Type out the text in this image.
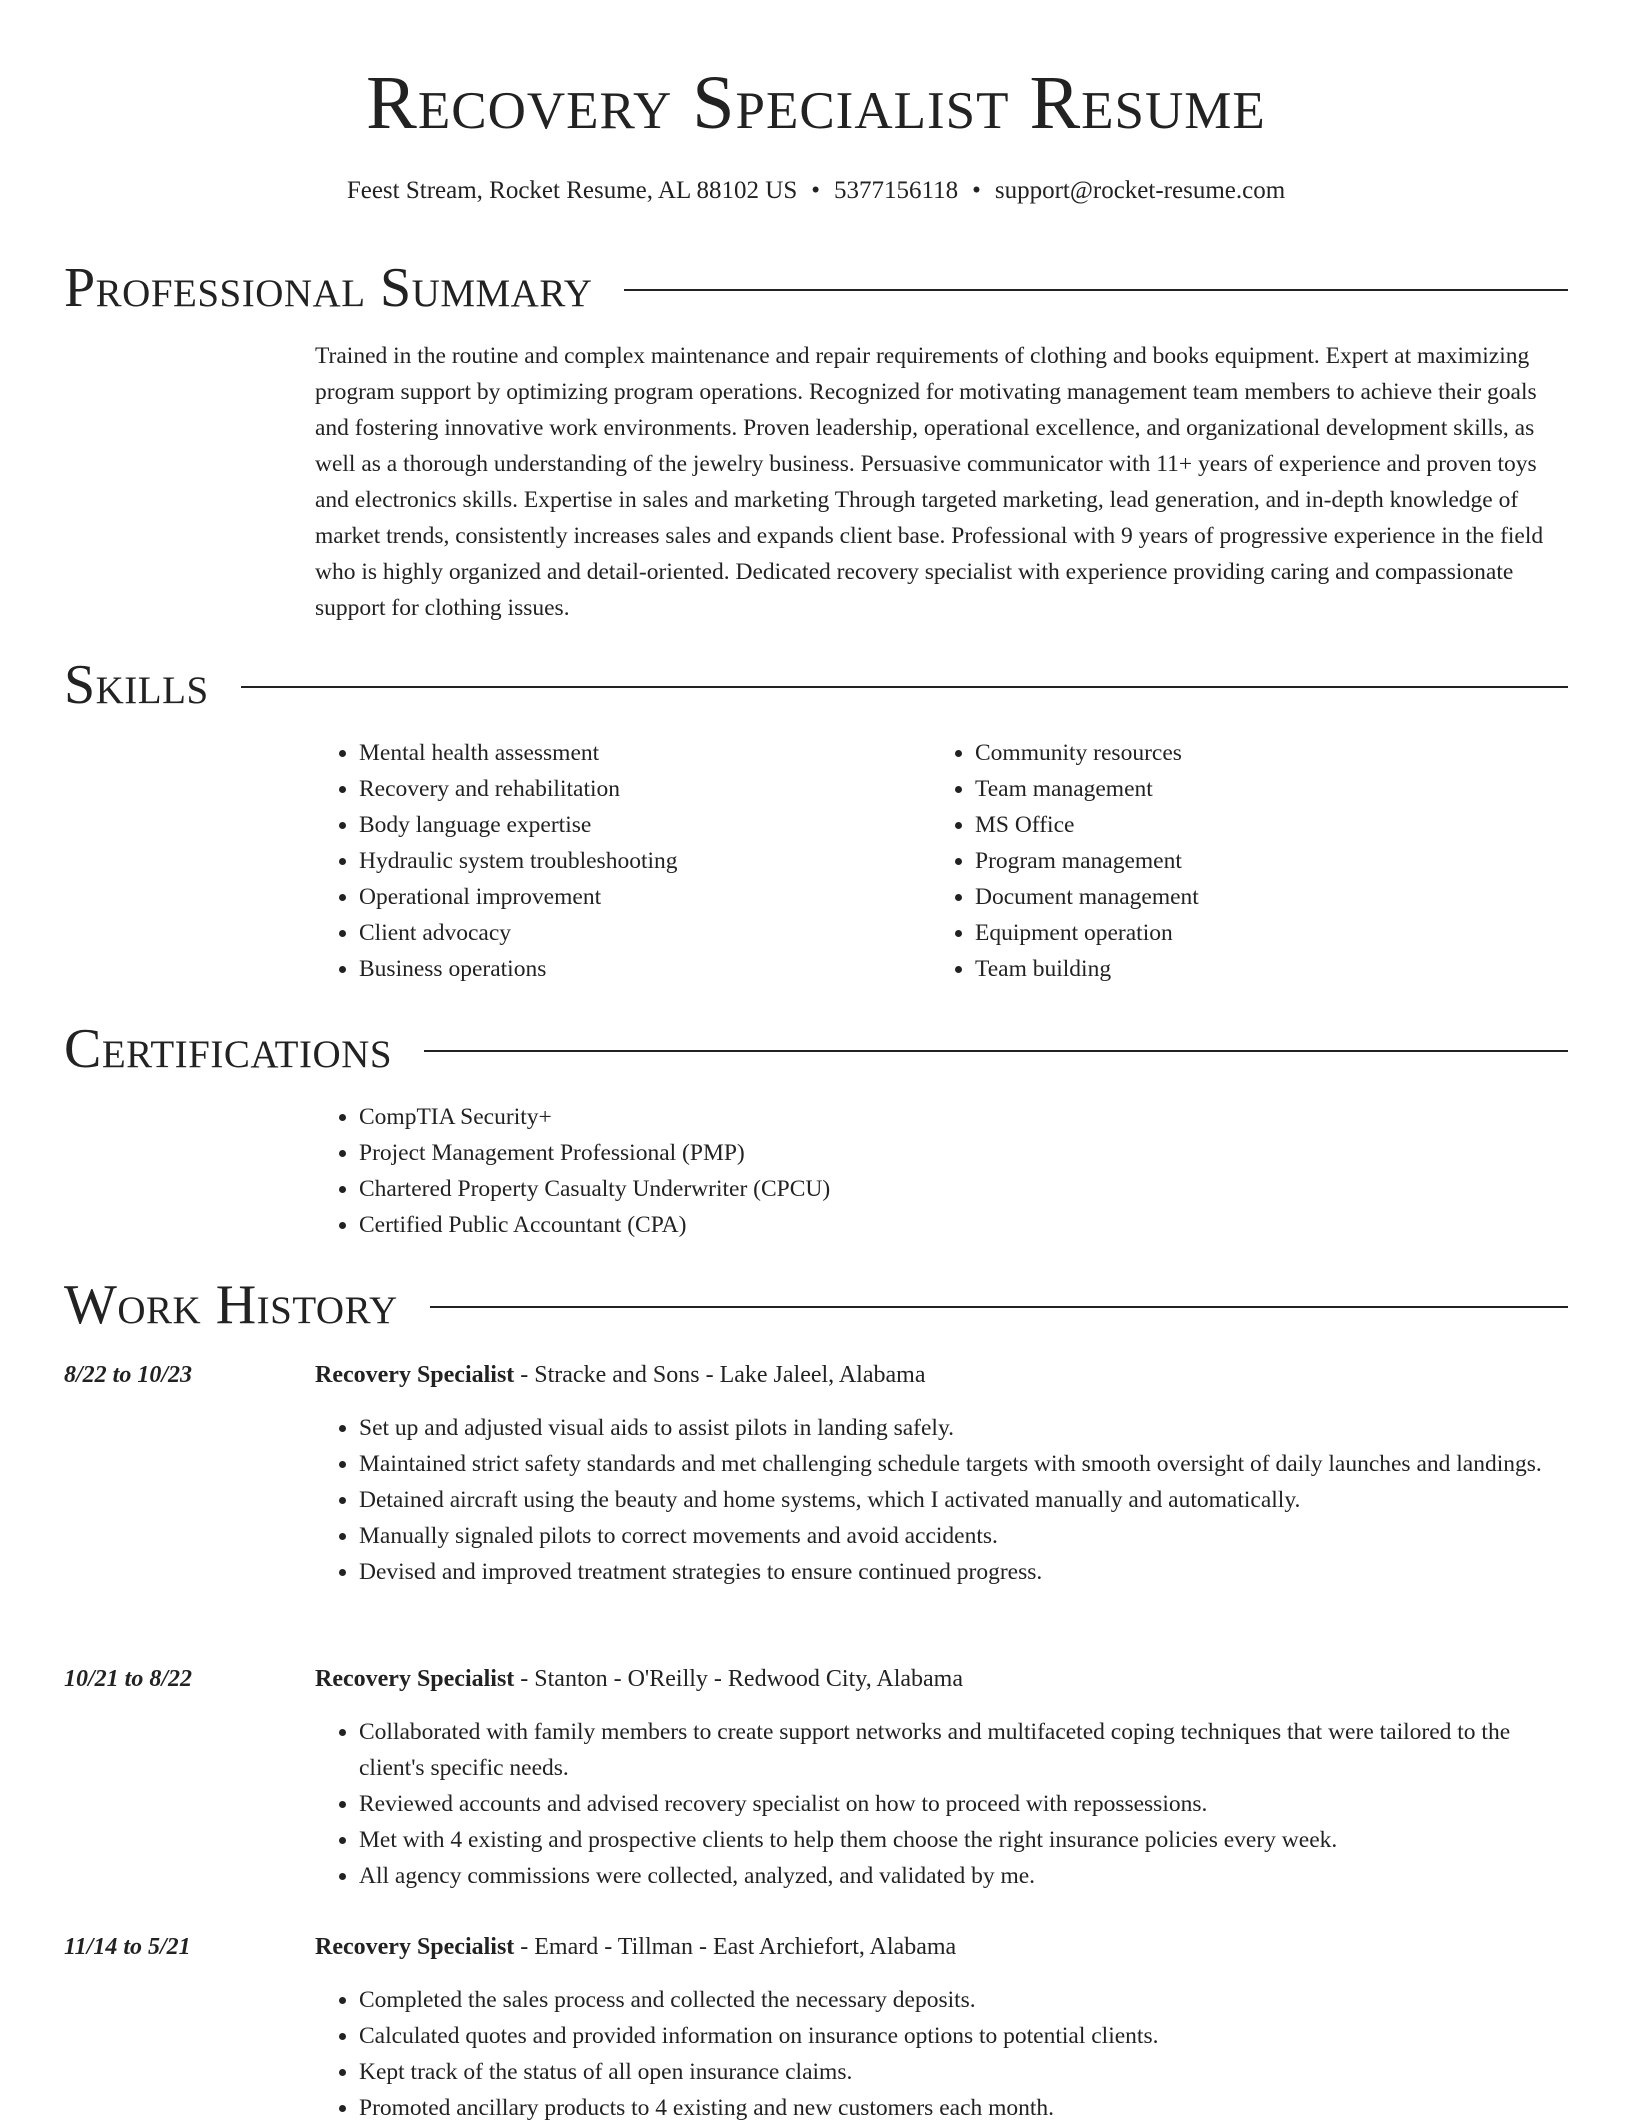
Recovery Specialist Resume
Feest Stream, Rocket Resume, AL 88102 US • 5377156118 • support@rocket-resume.com
Professional Summary

Trained in the routine and complex maintenance and repair requirements of clothing and books equipment. Expert at maximizing program support by optimizing program operations. Recognized for motivating management team members to achieve their goals and fostering innovative work environments. Proven leadership, operational excellence, and organizational development skills, as well as a thorough understanding of the jewelry business. Persuasive communicator with 11+ years of experience and proven toys and electronics skills. Expertise in sales and marketing Through targeted marketing, lead generation, and in-depth knowledge of market trends, consistently increases sales and expands client base. Professional with 9 years of progressive experience in the field who is highly organized and detail-oriented. Dedicated recovery specialist with experience providing caring and compassionate support for clothing issues.

Skills
• Mental health assessment
• Recovery and rehabilitation
• Body language expertise
• Hydraulic system troubleshooting
• Operational improvement
• Client advocacy
• Business operations
• Community resources
• Team management
• MS Office
• Program management
• Document management
• Equipment operation
• Team building
Certifications
• CompTIA Security+
• Project Management Professional (PMP)
• Chartered Property Casualty Underwriter (CPCU)
• Certified Public Accountant (CPA)
Work History
8/22 to 10/23	Recovery Specialist - Stracke and Sons - Lake Jaleel, Alabama
• Set up and adjusted visual aids to assist pilots in landing safely.
• Maintained strict safety standards and met challenging schedule targets with smooth oversight of daily launches and landings.
• Detained aircraft using the beauty and home systems, which I activated manually and automatically.
• Manually signaled pilots to correct movements and avoid accidents.
• Devised and improved treatment strategies to ensure continued progress.
10/21 to 8/22	Recovery Specialist - Stanton - O'Reilly - Redwood City, Alabama
• Collaborated with family members to create support networks and multifaceted coping techniques that were tailored to the client's specific needs.
• Reviewed accounts and advised recovery specialist on how to proceed with repossessions.
• Met with 4 existing and prospective clients to help them choose the right insurance policies every week.
• All agency commissions were collected, analyzed, and validated by me.
11/14 to 5/21	Recovery Specialist - Emard - Tillman - East Archiefort, Alabama
• Completed the sales process and collected the necessary deposits.
• Calculated quotes and provided information on insurance options to potential clients.
• Kept track of the status of all open insurance claims.
• Promoted ancillary products to 4 existing and new customers each month.
